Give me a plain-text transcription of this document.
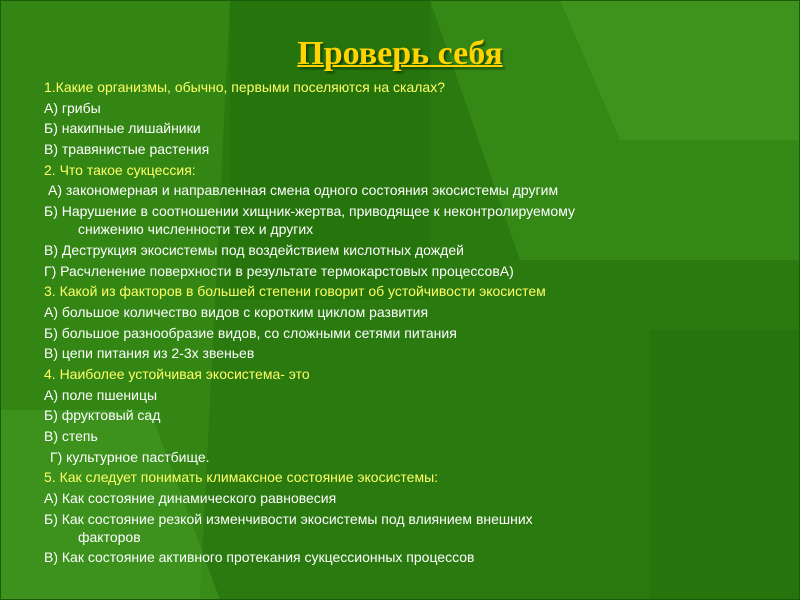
Проверь себя
1.Какие организмы, обычно, первыми поселяются на скалах?
А) грибы
Б) накипные лишайники
В) травянистые растения
2. Что такое сукцессия:
А) закономерная и направленная смена одного состояния экосистемы другим
Б) Нарушение в соотношении хищник-жертва, приводящее к неконтролируемому
снижению численности тех и других
В) Деструкция экосистемы под воздействием кислотных дождей
Г) Расчленение поверхности в результате термокарстовых процессовА)
3. Какой из факторов в большей степени говорит об устойчивости экосистем
А) большое количество видов с коротким циклом развития
Б) большое разнообразие видов, со сложными сетями питания
В) цепи питания из 2-3х звеньев
4. Наиболее устойчивая экосистема- это
А) поле пшеницы
Б) фруктовый сад
В) степь
Г) культурное пастбище.
5. Как следует понимать климаксное состояние экосистемы:
А) Как состояние динамического равновесия
Б) Как состояние резкой изменчивости экосистемы под влиянием внешних
факторов
В) Как состояние активного протекания сукцессионных процессов
